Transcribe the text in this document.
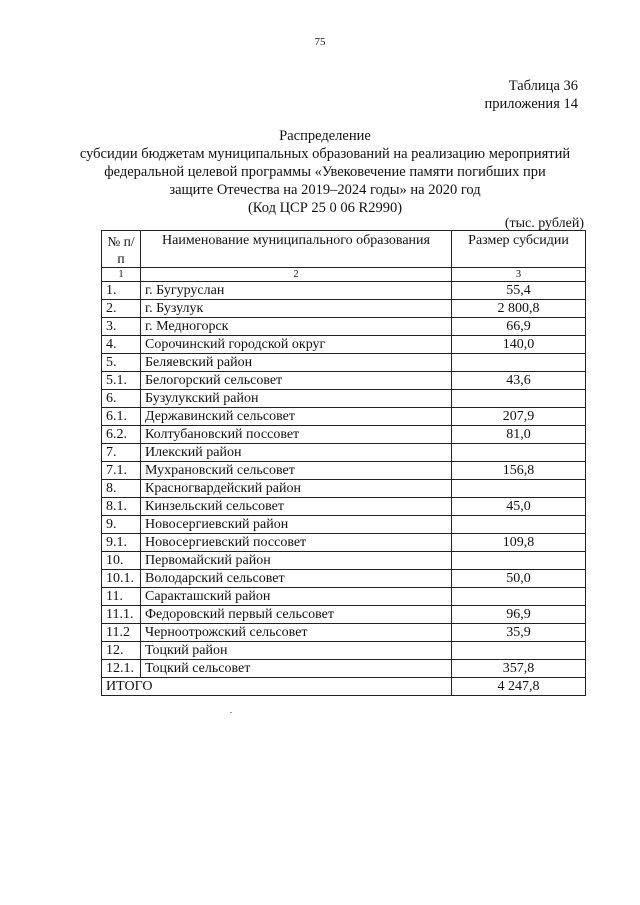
75
Таблица 36
приложения 14
Распределение
субсидии бюджетам муниципальных образований на реализацию мероприятий
федеральной целевой программы «Увековечение памяти погибших при
защите Отечества на 2019–2024 годы» на 2020 год
(Код ЦСР 25 0 06 R2990)
(тыс. рублей)
№ п/п	Наименование муниципального образования	Размер субсидии
1	2	3
1.	г. Бугуруслан	55,4
2.	г. Бузулук	2 800,8
3.	г. Медногорск	66,9
4.	Сорочинский городской округ	140,0
5.	Беляевский район	
5.1.	Белогорский сельсовет	43,6
6.	Бузулукский район	
6.1.	Державинский сельсовет	207,9
6.2.	Колтубановский поссовет	81,0
7.	Илекский район	
7.1.	Мухрановский сельсовет	156,8
8.	Красногвардейский район	
8.1.	Кинзельский сельсовет	45,0
9.	Новосергиевский район	
9.1.	Новосергиевский поссовет	109,8
10.	Первомайский район	
10.1.	Володарский сельсовет	50,0
11.	Саракташский район	
11.1.	Федоровский первый сельсовет	96,9
11.2	Черноотрожский сельсовет	35,9
12.	Тоцкий район	
12.1.	Тоцкий сельсовет	357,8
ИТОГО		4 247,8
